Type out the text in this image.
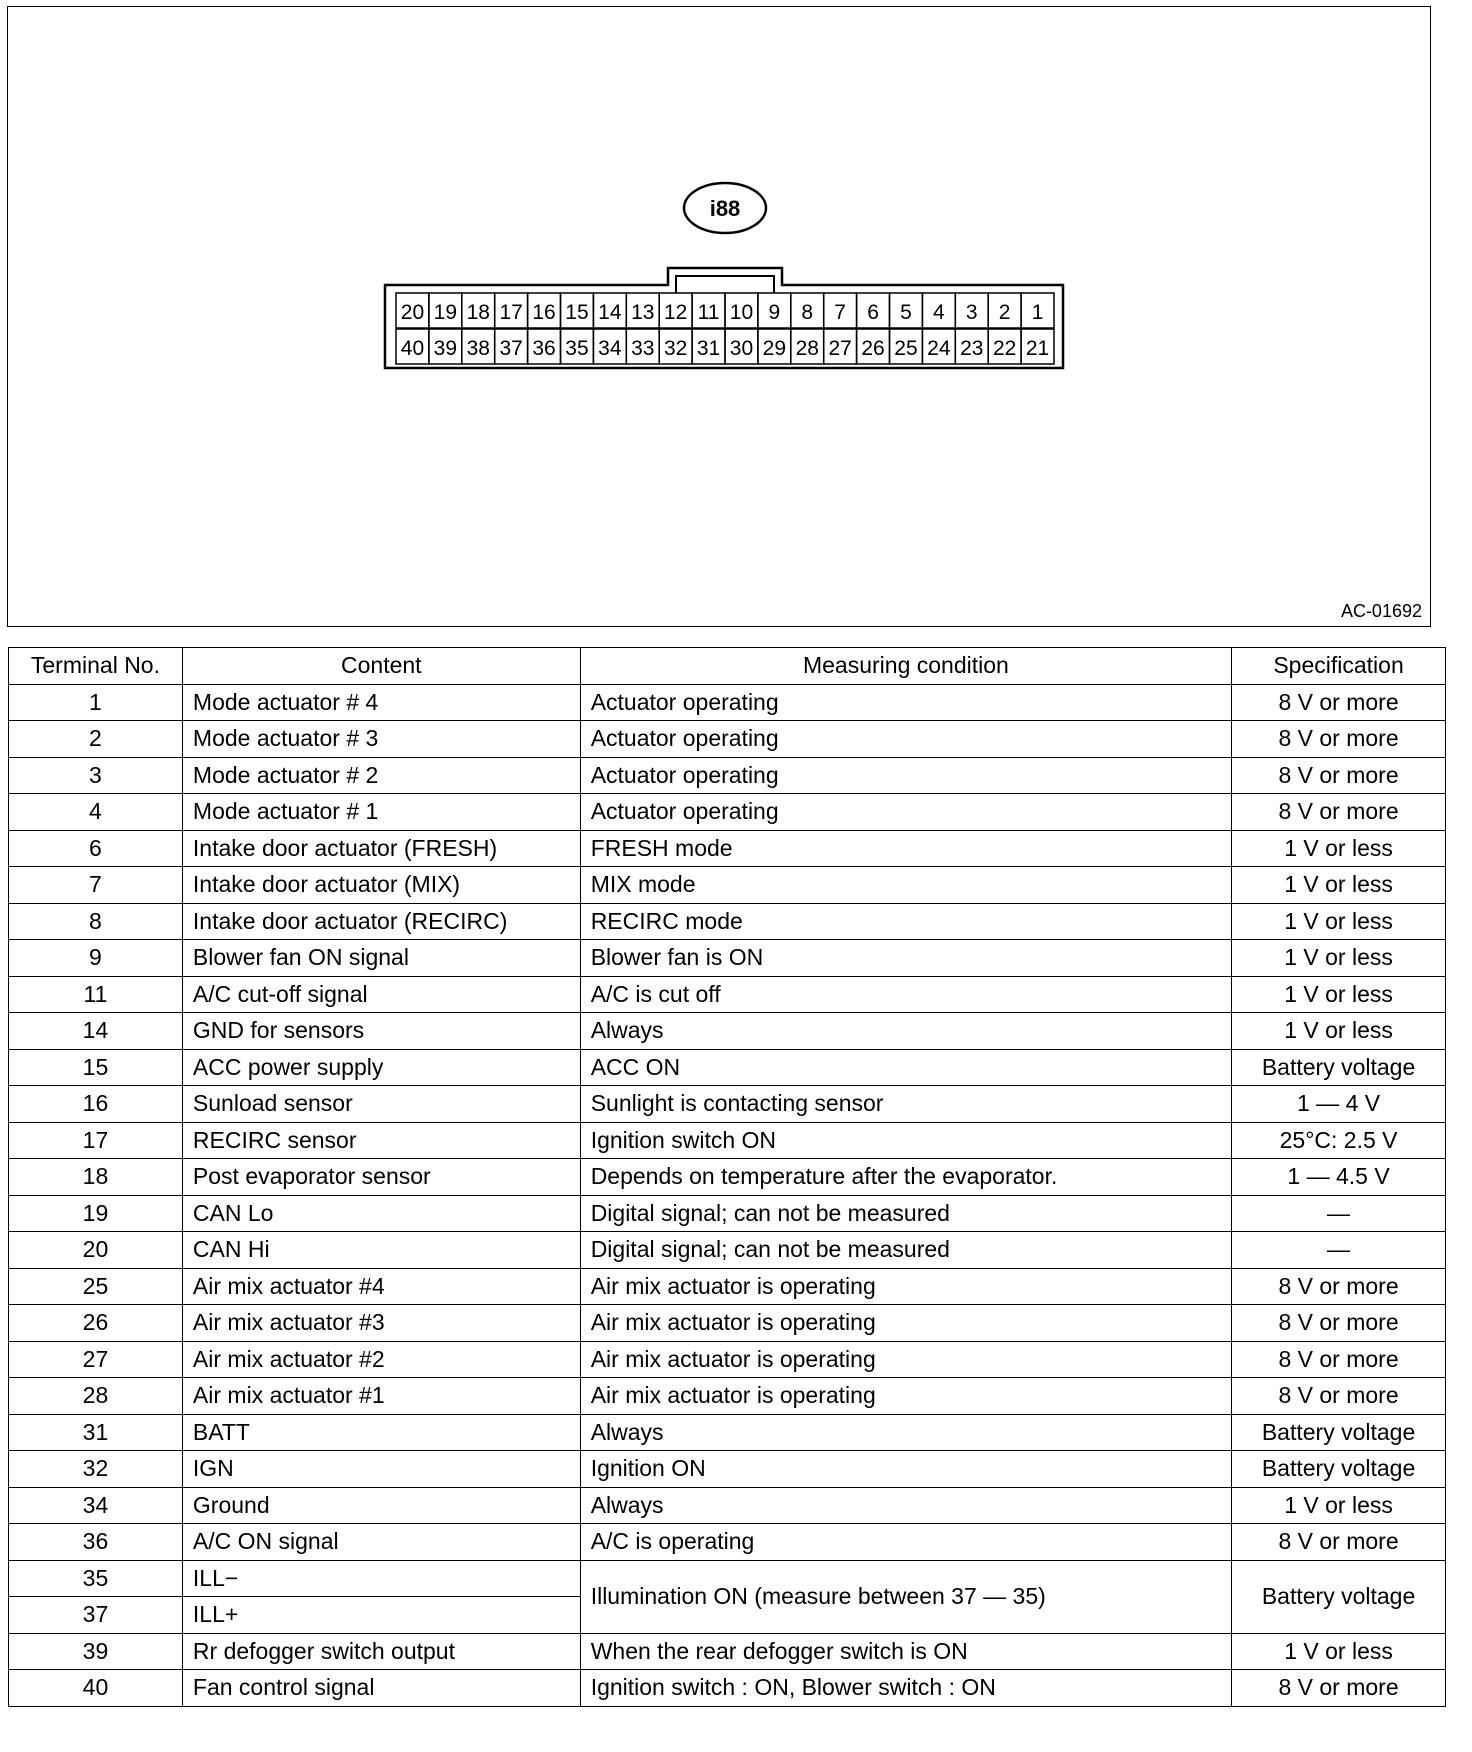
AC-01692
i88
20 19 18 17 16 15 14 13 12 11 10 9 8 7 6 5 4 3 2 1
40 39 38 37 36 35 34 33 32 31 30 29 28 27 26 25 24 23 22 21
Terminal No.	Content	Measuring condition	Specification
1	Mode actuator # 4	Actuator operating	8 V or more
2	Mode actuator # 3	Actuator operating	8 V or more
3	Mode actuator # 2	Actuator operating	8 V or more
4	Mode actuator # 1	Actuator operating	8 V or more
6	Intake door actuator (FRESH)	FRESH mode	1 V or less
7	Intake door actuator (MIX)	MIX mode	1 V or less
8	Intake door actuator (RECIRC)	RECIRC mode	1 V or less
9	Blower fan ON signal	Blower fan is ON	1 V or less
11	A/C cut-off signal	A/C is cut off	1 V or less
14	GND for sensors	Always	1 V or less
15	ACC power supply	ACC ON	Battery voltage
16	Sunload sensor	Sunlight is contacting sensor	1 — 4 V
17	RECIRC sensor	Ignition switch ON	25°C: 2.5 V
18	Post evaporator sensor	Depends on temperature after the evaporator.	1 — 4.5 V
19	CAN Lo	Digital signal; can not be measured	—
20	CAN Hi	Digital signal; can not be measured	—
25	Air mix actuator #4	Air mix actuator is operating	8 V or more
26	Air mix actuator #3	Air mix actuator is operating	8 V or more
27	Air mix actuator #2	Air mix actuator is operating	8 V or more
28	Air mix actuator #1	Air mix actuator is operating	8 V or more
31	BATT	Always	Battery voltage
32	IGN	Ignition ON	Battery voltage
34	Ground	Always	1 V or less
36	A/C ON signal	A/C is operating	8 V or more
35	ILL−	Illumination ON (measure between 37 — 35)	Battery voltage
37	ILL+		
39	Rr defogger switch output	When the rear defogger switch is ON	1 V or less
40	Fan control signal	Ignition switch : ON, Blower switch : ON	8 V or more
